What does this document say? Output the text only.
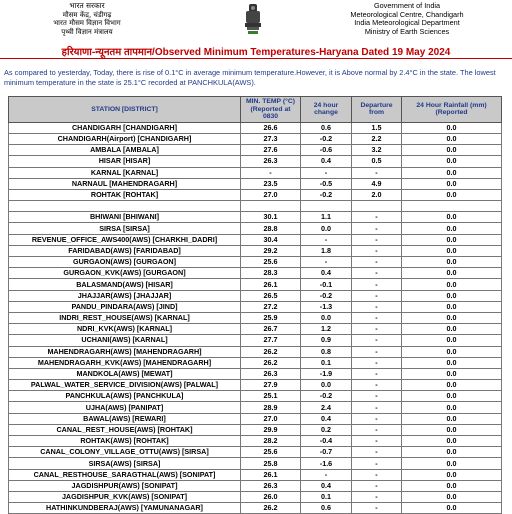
भारत सरकार
मौसम केंद्र, चंडीगढ़
भारत मौसम विज्ञान विभाग
पृथ्वी विज्ञान मंत्रालय
Government of India
Meteorological Centre, Chandigarh
India Meteorological Department
Ministry of Earth Sciences
हरियाणा-न्यूनतम तापमान/Observed Minimum Temperatures-Haryana Dated 19 May 2024
As compared to yesterday, Today, there is rise of 0.1°C in average minimum temperature.However, it is Above normal by 2.4°C in the state. The lowest minimum temperature in the state is 25.1°C recorded at PANCHKULA(AWS).
STATION [DISTRICT]	MIN. TEMP (°C) (Reported at 0830	24 hour change	Departure from	24 Hour Rainfall (mm) (Reported
CHANDIGARH [CHANDIGARH]	26.6	0.6	1.5	0.0
CHANDIGARH(Airport) [CHANDIGARH]	27.3	-0.2	2.2	0.0
AMBALA [AMBALA]	27.6	-0.6	3.2	0.0
HISAR [HISAR]	26.3	0.4	0.5	0.0
KARNAL [KARNAL]	-	-	-	0.0
NARNAUL [MAHENDRAGARH]	23.5	-0.5	4.9	0.0
ROHTAK [ROHTAK]	27.0	-0.2	2.0	0.0

BHIWANI [BHIWANI]	30.1	1.1	-	0.0
SIRSA [SIRSA]	28.8	0.0	-	0.0
REVENUE_OFFICE_AWS400(AWS) [CHARKHI_DADRI]	30.4	-	-	0.0
FARIDABAD(AWS) [FARIDABAD]	29.2	1.8	-	0.0
GURGAON(AWS) [GURGAON]	25.6	-	-	0.0
GURGAON_KVK(AWS) [GURGAON]	28.3	0.4	-	0.0
BALASMAND(AWS) [HISAR]	26.1	-0.1	-	0.0
JHAJJAR(AWS) [JHAJJAR]	26.5	-0.2	-	0.0
PANDU_PINDARA(AWS) [JIND]	27.2	-1.3	-	0.0
INDRI_REST_HOUSE(AWS) [KARNAL]	25.9	0.0	-	0.0
NDRI_KVK(AWS) [KARNAL]	26.7	1.2	-	0.0
UCHANI(AWS) [KARNAL]	27.7	0.9	-	0.0
MAHENDRAGARH(AWS) [MAHENDRAGARH]	26.2	0.8	-	0.0
MAHENDRAGARH_KVK(AWS) [MAHENDRAGARH]	26.2	0.1	-	0.0
MANDKOLA(AWS) [MEWAT]	26.3	-1.9	-	0.0
PALWAL_WATER_SERVICE_DIVISION(AWS) [PALWAL]	27.9	0.0	-	0.0
PANCHKULA(AWS) [PANCHKULA]	25.1	-0.2	-	0.0
UJHA(AWS) [PANIPAT]	28.9	2.4	-	0.0
BAWAL(AWS) [REWARI]	27.0	0.4	-	0.0
CANAL_REST_HOUSE(AWS) [ROHTAK]	29.9	0.2	-	0.0
ROHTAK(AWS) [ROHTAK]	28.2	-0.4	-	0.0
CANAL_COLONY_VILLAGE_OTTU(AWS) [SIRSA]	25.6	-0.7	-	0.0
SIRSA(AWS) [SIRSA]	25.8	-1.6	-	0.0
CANAL_RESTHOUSE_SARAGTHAL(AWS) [SONIPAT]	26.1	-	-	0.0
JAGDISHPUR(AWS) [SONIPAT]	26.3	0.4	-	0.0
JAGDISHPUR_KVK(AWS) [SONIPAT]	26.0	0.1	-	0.0
HATHINKUNDBERAJ(AWS) [YAMUNANAGAR]	26.2	0.6	-	0.0
